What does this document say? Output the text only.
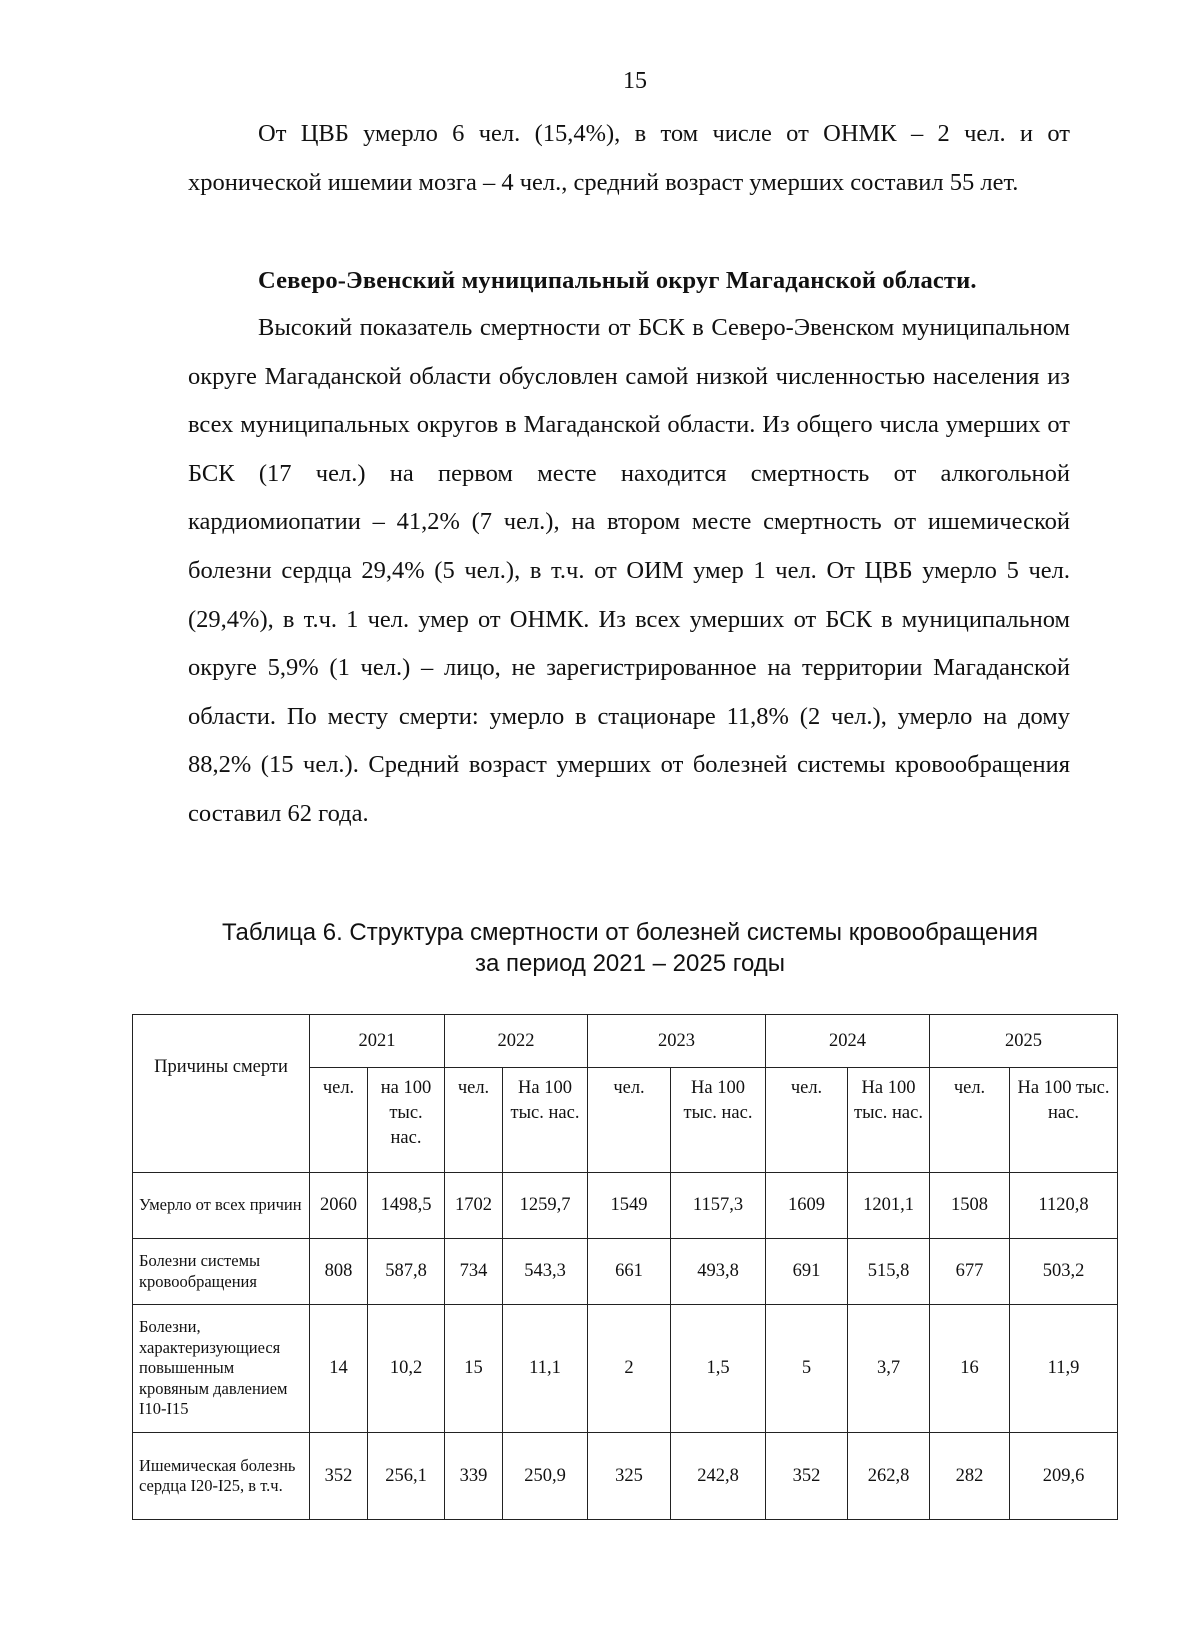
15

От ЦВБ умерло 6 чел. (15,4%), в том числе от ОНМК – 2 чел. и от хронической ишемии мозга – 4 чел., средний возраст умерших составил 55 лет.

Северо-Эвенский муниципальный округ Магаданской области.

Высокий показатель смертности от БСК в Северо-Эвенском муниципальном округе Магаданской области обусловлен самой низкой численностью населения из всех муниципальных округов в Магаданской области. Из общего числа умерших от БСК (17 чел.) на первом месте находится смертность от алкогольной кардиомиопатии – 41,2% (7 чел.), на втором месте смертность от ишемической болезни сердца 29,4% (5 чел.), в т.ч. от ОИМ умер 1 чел. От ЦВБ умерло 5 чел. (29,4%), в т.ч. 1 чел. умер от ОНМК. Из всех умерших от БСК в муниципальном округе 5,9% (1 чел.) – лицо, не зарегистрированное на территории Магаданской области. По месту смерти: умерло в стационаре 11,8% (2 чел.), умерло на дому 88,2% (15 чел.). Средний возраст умерших от болезней системы кровообращения составил 62 года.

Таблица 6. Структура смертности от болезней системы кровообращения
за период 2021 – 2025 годы
Причины смерти	2021		2022		2023		2024		2025	
	чел.	на 100 тыс. нас.	чел.	На 100 тыс. нас.	чел.	На 100 тыс. нас.	чел.	На 100 тыс. нас.	чел.	На 100 тыс. нас.
Умерло от всех причин	2060	1498,5	1702	1259,7	1549	1157,3	1609	1201,1	1508	1120,8
Болезни системы кровообращения	808	587,8	734	543,3	661	493,8	691	515,8	677	503,2
Болезни, характеризующиеся повышенным кровяным давлением I10-I15	14	10,2	15	11,1	2	1,5	5	3,7	16	11,9
Ишемическая болезнь сердца I20-I25, в т.ч.	352	256,1	339	250,9	325	242,8	352	262,8	282	209,6
